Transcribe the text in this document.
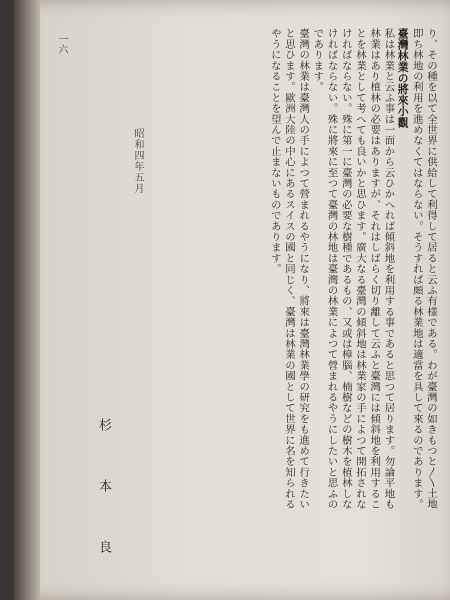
一六	り、その種を以て全世界に供給して利得して居ると云ふ有様である。わが臺灣の如きもつと〳〵土地即ち林地の利用を進めなくてはならない。そうすれば頗る林業地は適當を具して來るのであります。

臺灣林業の將來小觀

私は林業と云ふ事は一面から云ひかへれば傾斜地を利用する事であると思つて居ります。勿論平地も林業はあり植林の必要はありますが、それはしばらく切り離して云ふと臺灣には傾斜地を利用することを林業として考へても良いかと思ひます。廣大なる臺灣の傾斜地は林業家の手によつて開拓されなければならない。殊に第一に臺灣の必要な樹種であるもの、又或は樟腦、楠樹などの樹木を植林しなければならない。殊に將來に至つて臺灣の林地は臺灣の林業によつて營まれるやうにしたいと思ふのであります。

臺灣の林業は臺灣人の手によつて營まれるやうになり、將來は臺灣林業學の研究をも進めて行きたいと思ひます。歐洲大陸の中心にあるスイスの國と同じく、臺灣は林業の國として世界に名を知られるやうになることを望んで止まないものであります。

昭和四年五月
杉 本 良
